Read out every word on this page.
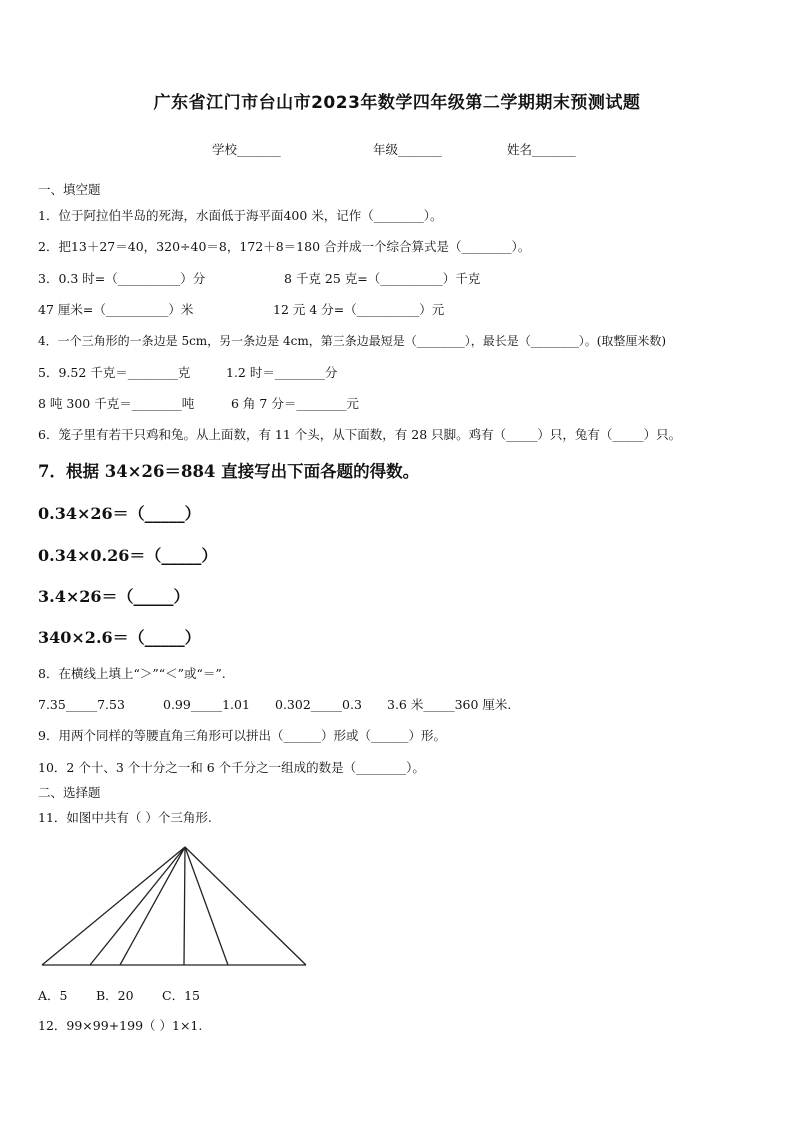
广东省江门市台山市2023年数学四年级第二学期期末预测试题
学校_______	年级_______	姓名_______
一、填空题
1．位于阿拉伯半岛的死海，水面低于海平面400 米，记作（________）。
2．把13＋27＝40，320÷40＝8，172＋8＝180 合并成一个综合算式是（________）。
3．0.3 时=（__________）分	8 千克 25 克=（__________）千克
47 厘米=（__________）米	12 元 4 分=（__________）元
4．一个三角形的一条边是 5cm，另一条边是 4cm，第三条边最短是（________），最长是（________）。(取整厘米数)
5．9.52 千克＝________克	1.2 时＝________分
8 吨 300 千克＝________吨	6 角 7 分＝________元
6．笼子里有若干只鸡和兔。从上面数，有 11 个头，从下面数，有 28 只脚。鸡有（_____）只，兔有（_____）只。
7．根据 34×26＝884 直接写出下面各题的得数。
0.34×26＝（_____）
0.34×0.26＝（_____）
3.4×26＝（_____）
340×2.6＝（_____）
8．在横线上填上“＞”“＜”或“＝”.
7.35_____7.53	0.99_____1.01 0.302_____0.3 3.6 米_____360 厘米.
9．用两个同样的等腰直角三角形可以拼出（______）形或（______）形。
10．2 个十、3 个十分之一和 6 个千分之一组成的数是（________）。
二、选择题
11．如图中共有（ ）个三角形.
A．5 B．20 C．15
12．99×99+199（ ）1×1.
